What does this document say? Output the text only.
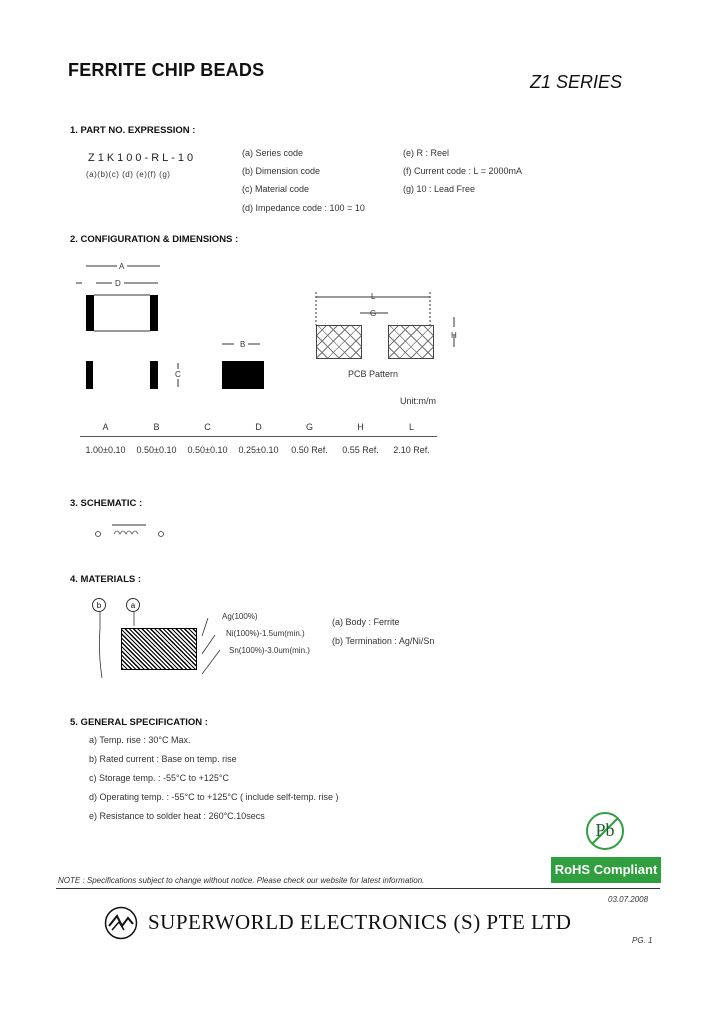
FERRITE CHIP BEADS
Z1 SERIES
1. PART NO. EXPRESSION :
Z1K100-RL-10
(a)(b)(c) (d) (e)(f) (g)
(a) Series code
(b) Dimension code
(c) Material code
(d) Impedance code : 100 = 10
(e) R : Reel
(f) Current code : L = 2000mA
(g) 10 : Lead Free
2. CONFIGURATION & DIMENSIONS :
A
D
C
B
L
G
H
PCB Pattern
Unit:m/m
A	B	C	D	G	H	L
1.00±0.10	0.50±0.10	0.50±0.10	0.25±0.10	0.50 Ref.	0.55 Ref.	2.10 Ref.
3. SCHEMATIC :
4. MATERIALS :
b	a
Ag(100%)
Ni(100%)-1.5um(min.)
Sn(100%)-3.0um(min.)
(a) Body : Ferrite
(b) Termination : Ag/Ni/Sn
5. GENERAL SPECIFICATION :
a) Temp. rise : 30°C Max.
b) Rated current : Base on temp. rise
c) Storage temp. : -55°C to +125°C
d) Operating temp. : -55°C to +125°C ( include self-temp. rise )
e) Resistance to solder heat : 260°C.10secs
Pb
RoHS Compliant
NOTE : Specifications subject to change without notice. Please check our website for latest information.
03.07.2008
SUPERWORLD ELECTRONICS (S) PTE LTD
PG. 1
